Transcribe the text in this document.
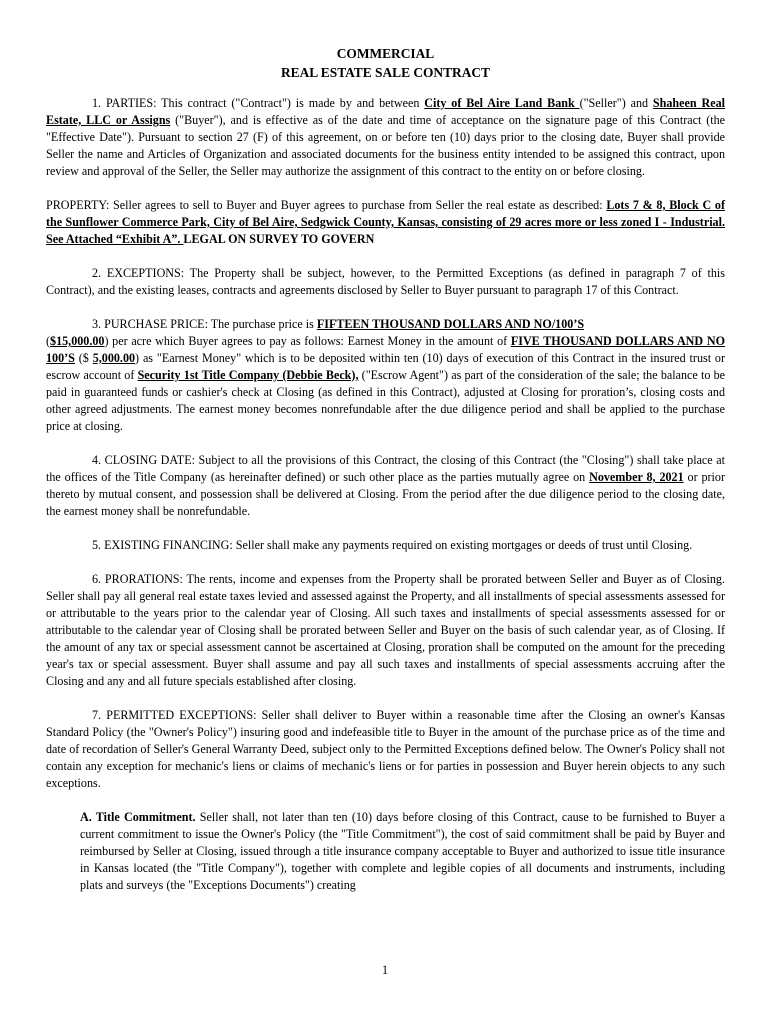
COMMERCIAL

REAL ESTATE SALE CONTRACT

1. PARTIES: This contract ("Contract") is made by and between City of Bel Aire Land Bank ("Seller") and Shaheen Real Estate, LLC or Assigns ("Buyer"), and is effective as of the date and time of acceptance on the signature page of this Contract (the "Effective Date"). Pursuant to section 27 (F) of this agreement, on or before ten (10) days prior to the closing date, Buyer shall provide Seller the name and Articles of Organization and associated documents for the business entity intended to be assigned this contract, upon review and approval of the Seller, the Seller may authorize the assignment of this contract to the entity on or before closing.

PROPERTY: Seller agrees to sell to Buyer and Buyer agrees to purchase from Seller the real estate as described: Lots 7 & 8, Block C of the Sunflower Commerce Park, City of Bel Aire, Sedgwick County, Kansas, consisting of 29 acres more or less zoned I - Industrial. See Attached “Exhibit A”. LEGAL ON SURVEY TO GOVERN

2. EXCEPTIONS: The Property shall be subject, however, to the Permitted Exceptions (as defined in paragraph 7 of this Contract), and the existing leases, contracts and agreements disclosed by Seller to Buyer pursuant to paragraph 17 of this Contract.

3. PURCHASE PRICE: The purchase price is FIFTEEN THOUSAND DOLLARS AND NO/100’S
($15,000.00) per acre which Buyer agrees to pay as follows: Earnest Money in the amount of FIVE THOUSAND DOLLARS AND NO 100’S ($ 5,000.00) as "Earnest Money" which is to be deposited within ten (10) days of execution of this Contract in the insured trust or escrow account of Security 1st Title Company (Debbie Beck), ("Escrow Agent") as part of the consideration of the sale; the balance to be paid in guaranteed funds or cashier's check at Closing (as defined in this Contract), adjusted at Closing for proration’s, closing costs and other agreed adjustments. The earnest money becomes nonrefundable after the due diligence period and shall be applied to the purchase price at closing.

4. CLOSING DATE: Subject to all the provisions of this Contract, the closing of this Contract (the "Closing") shall take place at the offices of the Title Company (as hereinafter defined) or such other place as the parties mutually agree on November 8, 2021 or prior thereto by mutual consent, and possession shall be delivered at Closing. From the period after the due diligence period to the closing date, the earnest money shall be nonrefundable.

5. EXISTING FINANCING: Seller shall make any payments required on existing mortgages or deeds of trust until Closing.

6. PRORATIONS: The rents, income and expenses from the Property shall be prorated between Seller and Buyer as of Closing. Seller shall pay all general real estate taxes levied and assessed against the Property, and all installments of special assessments assessed for or attributable to the years prior to the calendar year of Closing. All such taxes and installments of special assessments assessed for or attributable to the calendar year of Closing shall be prorated between Seller and Buyer on the basis of such calendar year, as of Closing. If the amount of any tax or special assessment cannot be ascertained at Closing, proration shall be computed on the amount for the preceding year's tax or special assessment. Buyer shall assume and pay all such taxes and installments of special assessments accruing after the Closing and any and all future specials established after closing.

7. PERMITTED EXCEPTIONS: Seller shall deliver to Buyer within a reasonable time after the Closing an owner's Kansas Standard Policy (the "Owner's Policy") insuring good and indefeasible title to Buyer in the amount of the purchase price as of the time and date of recordation of Seller's General Warranty Deed, subject only to the Permitted Exceptions defined below. The Owner's Policy shall not contain any exception for mechanic's liens or claims of mechanic's liens or for parties in possession and Buyer herein objects to any such exceptions.

A. Title Commitment. Seller shall, not later than ten (10) days before closing of this Contract, cause to be furnished to Buyer a current commitment to issue the Owner's Policy (the "Title Commitment"), the cost of said commitment shall be paid by Buyer and reimbursed by Seller at Closing, issued through a title insurance company acceptable to Buyer and authorized to issue title insurance in Kansas located (the "Title Company"), together with complete and legible copies of all documents and instruments, including plats and surveys (the "Exceptions Documents") creating

1
